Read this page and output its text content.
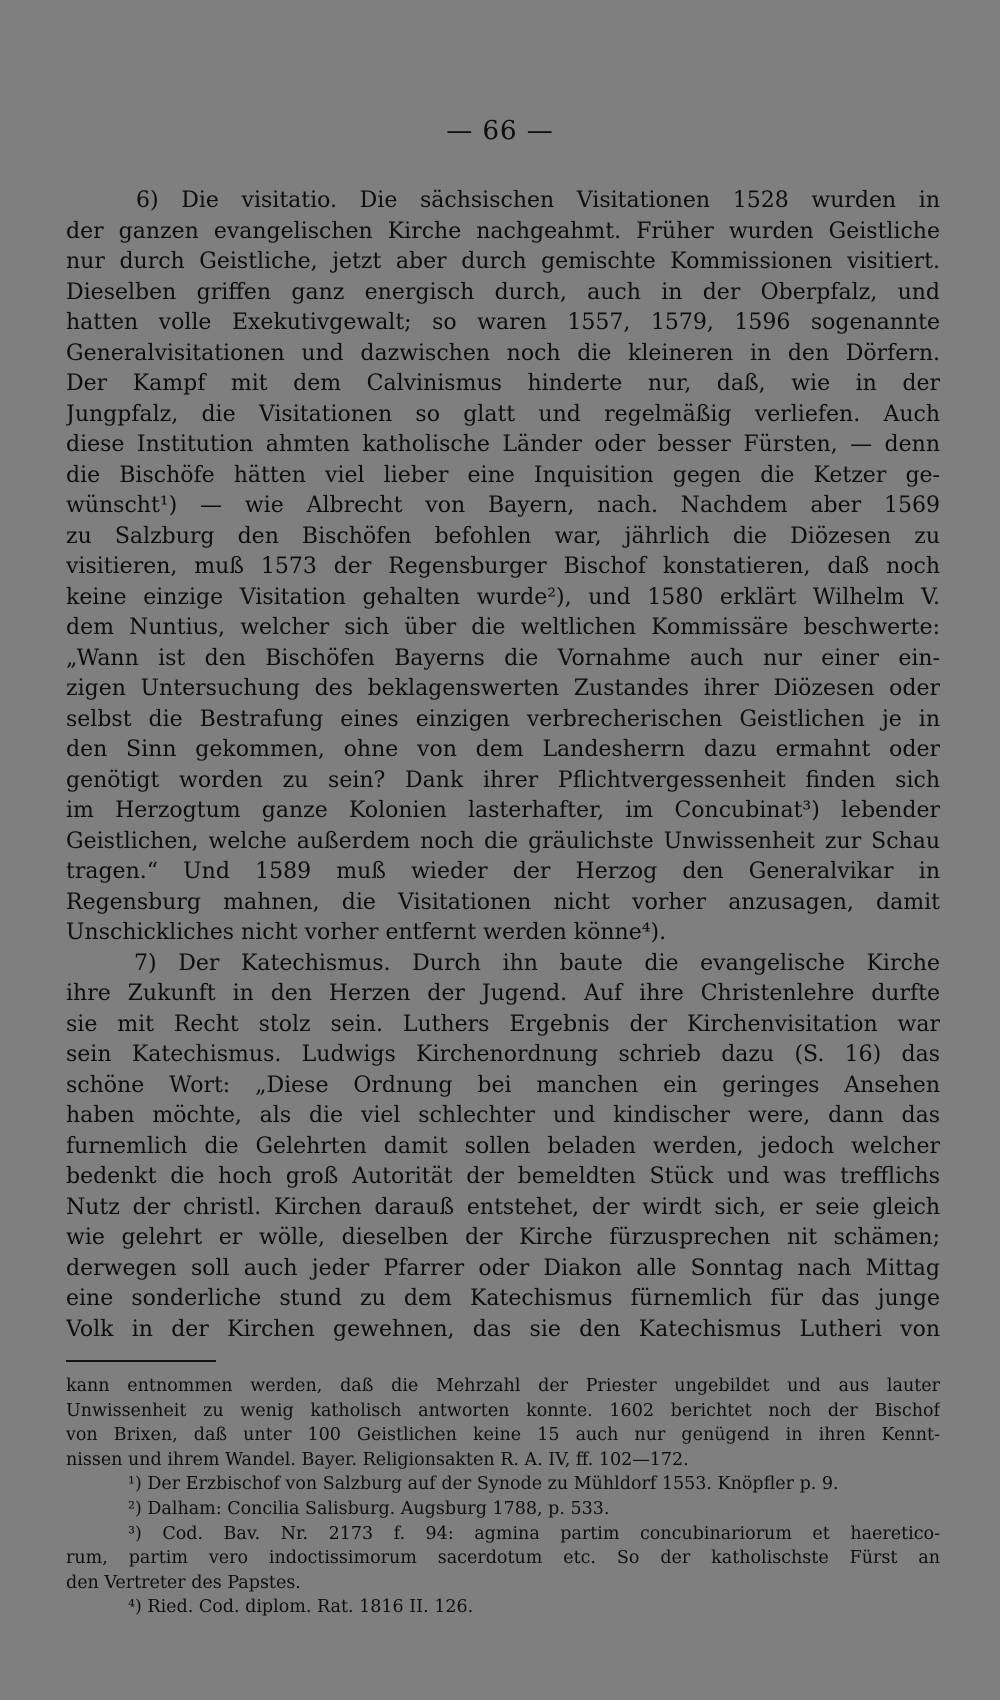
— 66 —
6) Die visitatio. Die sächsischen Visitationen 1528 wurden in
der ganzen evangelischen Kirche nachgeahmt. Früher wurden Geistliche
nur durch Geistliche, jetzt aber durch gemischte Kommissionen visitiert.
Dieselben griffen ganz energisch durch, auch in der Oberpfalz, und
hatten volle Exekutivgewalt; so waren 1557, 1579, 1596 sogenannte
Generalvisitationen und dazwischen noch die kleineren in den Dörfern.
Der Kampf mit dem Calvinismus hinderte nur, daß, wie in der
Jungpfalz, die Visitationen so glatt und regelmäßig verliefen. Auch
diese Institution ahmten katholische Länder oder besser Fürsten, — denn
die Bischöfe hätten viel lieber eine Inquisition gegen die Ketzer ge-
wünscht¹) — wie Albrecht von Bayern, nach. Nachdem aber 1569
zu Salzburg den Bischöfen befohlen war, jährlich die Diözesen zu
visitieren, muß 1573 der Regensburger Bischof konstatieren, daß noch
keine einzige Visitation gehalten wurde²), und 1580 erklärt Wilhelm V.
dem Nuntius, welcher sich über die weltlichen Kommissäre beschwerte:
„Wann ist den Bischöfen Bayerns die Vornahme auch nur einer ein-
zigen Untersuchung des beklagenswerten Zustandes ihrer Diözesen oder
selbst die Bestrafung eines einzigen verbrecherischen Geistlichen je in
den Sinn gekommen, ohne von dem Landesherrn dazu ermahnt oder
genötigt worden zu sein? Dank ihrer Pflichtvergessenheit finden sich
im Herzogtum ganze Kolonien lasterhafter, im Concubinat³) lebender
Geistlichen, welche außerdem noch die gräulichste Unwissenheit zur Schau
tragen.“ Und 1589 muß wieder der Herzog den Generalvikar in
Regensburg mahnen, die Visitationen nicht vorher anzusagen, damit
Unschickliches nicht vorher entfernt werden könne⁴).
7) Der Katechismus. Durch ihn baute die evangelische Kirche
ihre Zukunft in den Herzen der Jugend. Auf ihre Christenlehre durfte
sie mit Recht stolz sein. Luthers Ergebnis der Kirchenvisitation war
sein Katechismus. Ludwigs Kirchenordnung schrieb dazu (S. 16) das
schöne Wort: „Diese Ordnung bei manchen ein geringes Ansehen
haben möchte, als die viel schlechter und kindischer were, dann das
furnemlich die Gelehrten damit sollen beladen werden, jedoch welcher
bedenkt die hoch groß Autorität der bemeldten Stück und was trefflichs
Nutz der christl. Kirchen darauß entstehet, der wirdt sich, er seie gleich
wie gelehrt er wölle, dieselben der Kirche fürzusprechen nit schämen;
derwegen soll auch jeder Pfarrer oder Diakon alle Sonntag nach Mittag
eine sonderliche stund zu dem Katechismus fürnemlich für das junge
Volk in der Kirchen gewehnen, das sie den Katechismus Lutheri von
kann entnommen werden, daß die Mehrzahl der Priester ungebildet und aus lauter
Unwissenheit zu wenig katholisch antworten konnte. 1602 berichtet noch der Bischof
von Brixen, daß unter 100 Geistlichen keine 15 auch nur genügend in ihren Kennt-
nissen und ihrem Wandel. Bayer. Religionsakten R. A. IV, ff. 102—172.
¹) Der Erzbischof von Salzburg auf der Synode zu Mühldorf 1553. Knöpfler p. 9.
²) Dalham: Concilia Salisburg. Augsburg 1788, p. 533.
³) Cod. Bav. Nr. 2173 f. 94: agmina partim concubinariorum et haeretico-
rum, partim vero indoctissimorum sacerdotum etc. So der katholischste Fürst an
den Vertreter des Papstes.
⁴) Ried. Cod. diplom. Rat. 1816 II. 126.
